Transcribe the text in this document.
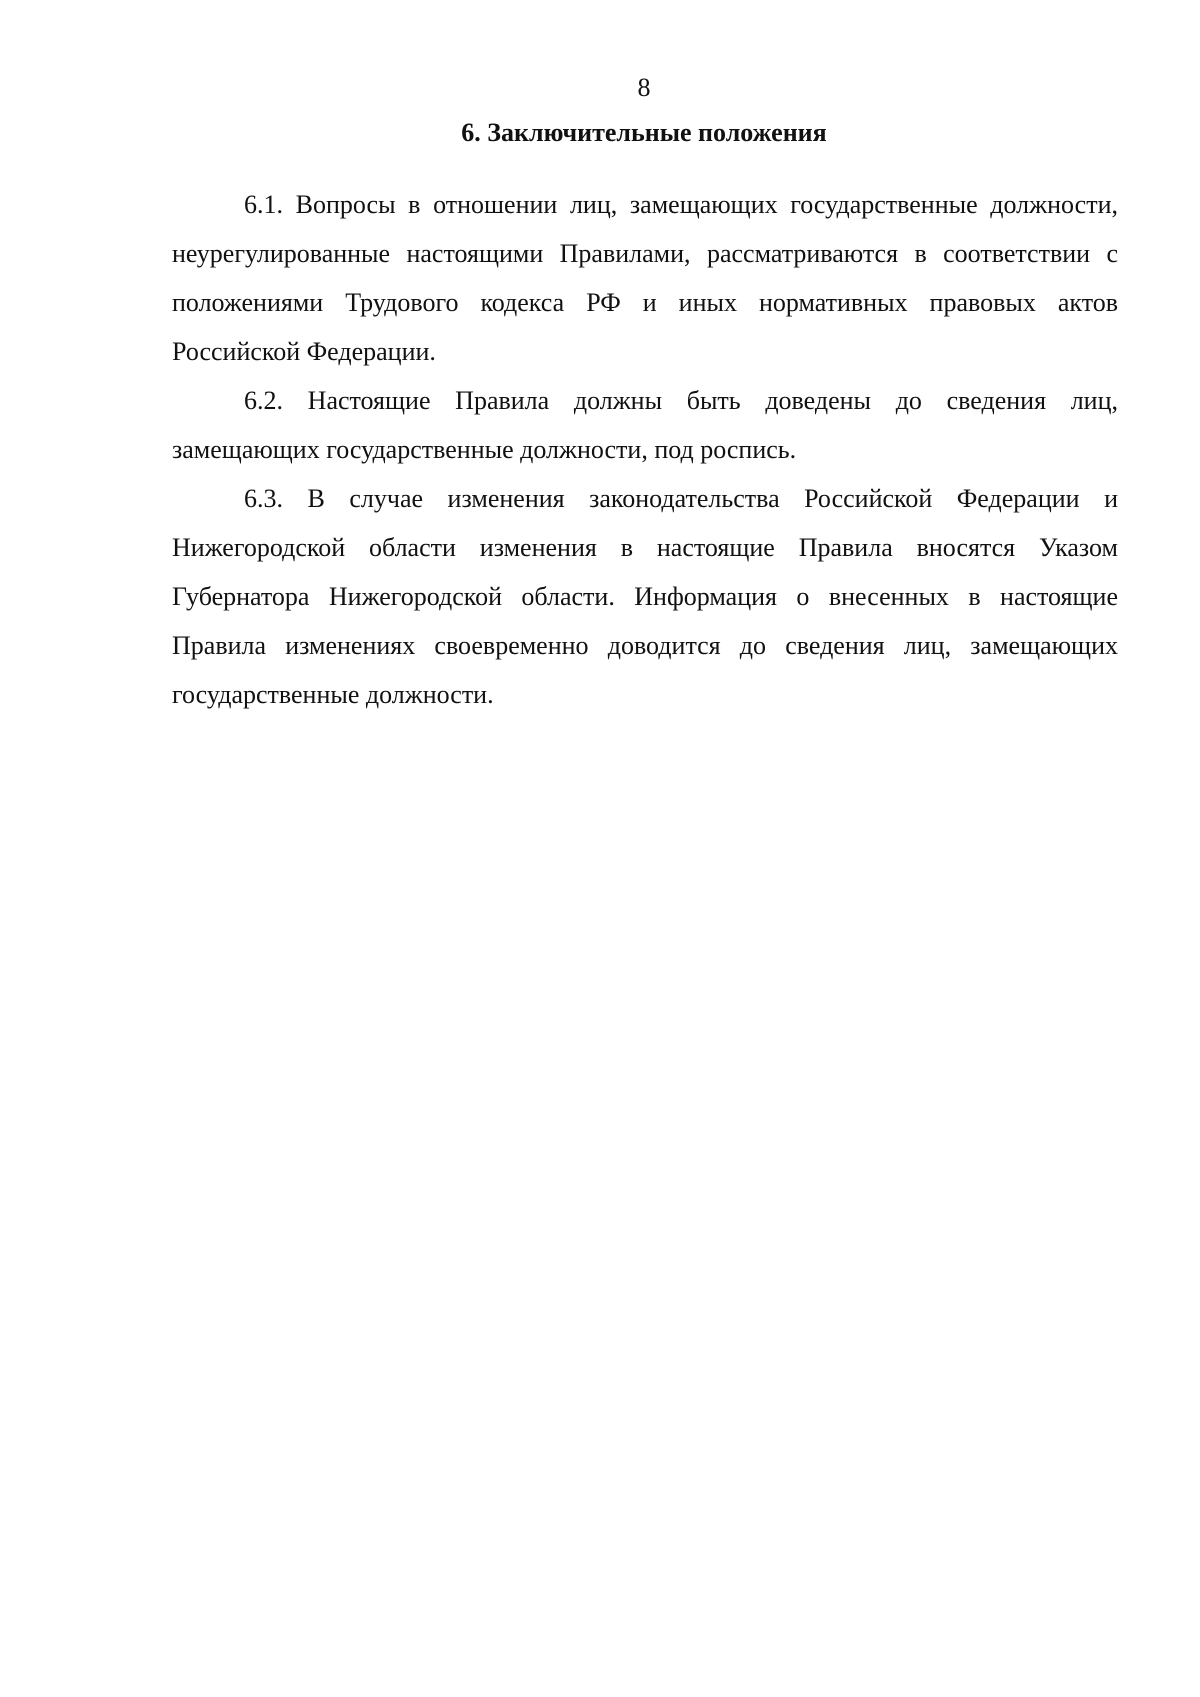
8
6. Заключительные положения

6.1. Вопросы в отношении лиц, замещающих государственные должности, неурегулированные настоящими Правилами, рассматриваются в соответствии с положениями Трудового кодекса РФ и иных нормативных правовых актов Российской Федерации.

6.2. Настоящие Правила должны быть доведены до сведения лиц, замещающих государственные должности, под роспись.

6.3. В случае изменения законодательства Российской Федерации и Нижегородской области изменения в настоящие Правила вносятся Указом Губернатора Нижегородской области. Информация о внесенных в настоящие Правила изменениях своевременно доводится до сведения лиц, замещающих государственные должности.
